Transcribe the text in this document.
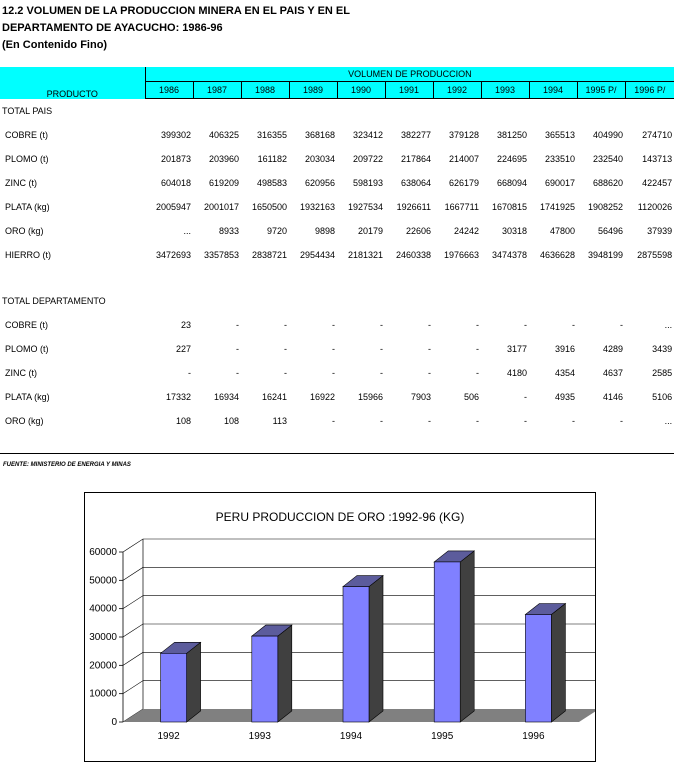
12.2 VOLUMEN DE LA PRODUCCION MINERA EN EL PAIS Y EN EL
DEPARTAMENTO DE AYACUCHO: 1986-96
(En Contenido Fino)
PRODUCTO	VOLUMEN DE PRODUCCION										
	1986	1987	1988	1989	1990	1991	1992	1993	1994	1995 P/	1996 P/
TOTAL PAIS											
COBRE (t)	399302	406325	316355	368168	323412	382277	379128	381250	365513	404990	274710
PLOMO (t)	201873	203960	161182	203034	209722	217864	214007	224695	233510	232540	143713
ZINC (t)	604018	619209	498583	620956	598193	638064	626179	668094	690017	688620	422457
PLATA (kg)	2005947	2001017	1650500	1932163	1927534	1926611	1667711	1670815	1741925	1908252	1120026
ORO (kg)	...	8933	9720	9898	20179	22606	24242	30318	47800	56496	37939
HIERRO (t)	3472693	3357853	2838721	2954434	2181321	2460338	1976663	3474378	4636628	3948199	2875598

TOTAL DEPARTAMENTO											
COBRE (t)	23	-	-	-	-	-	-	-	-	-	...
PLOMO (t)	227	-	-	-	-	-	-	3177	3916	4289	3439
ZINC (t)	-	-	-	-	-	-	-	4180	4354	4637	2585
PLATA (kg)	17332	16934	16241	16922	15966	7903	506	-	4935	4146	5106
ORO (kg)	108	108	113	-	-	-	-	-	-	-	...
FUENTE: MINISTERIO DE ENERGIA Y MINAS
PERU PRODUCCION DE ORO :1992-96 (KG)
0
10000
20000
30000
40000
50000
60000
1992	1993	1994	1995	1996
